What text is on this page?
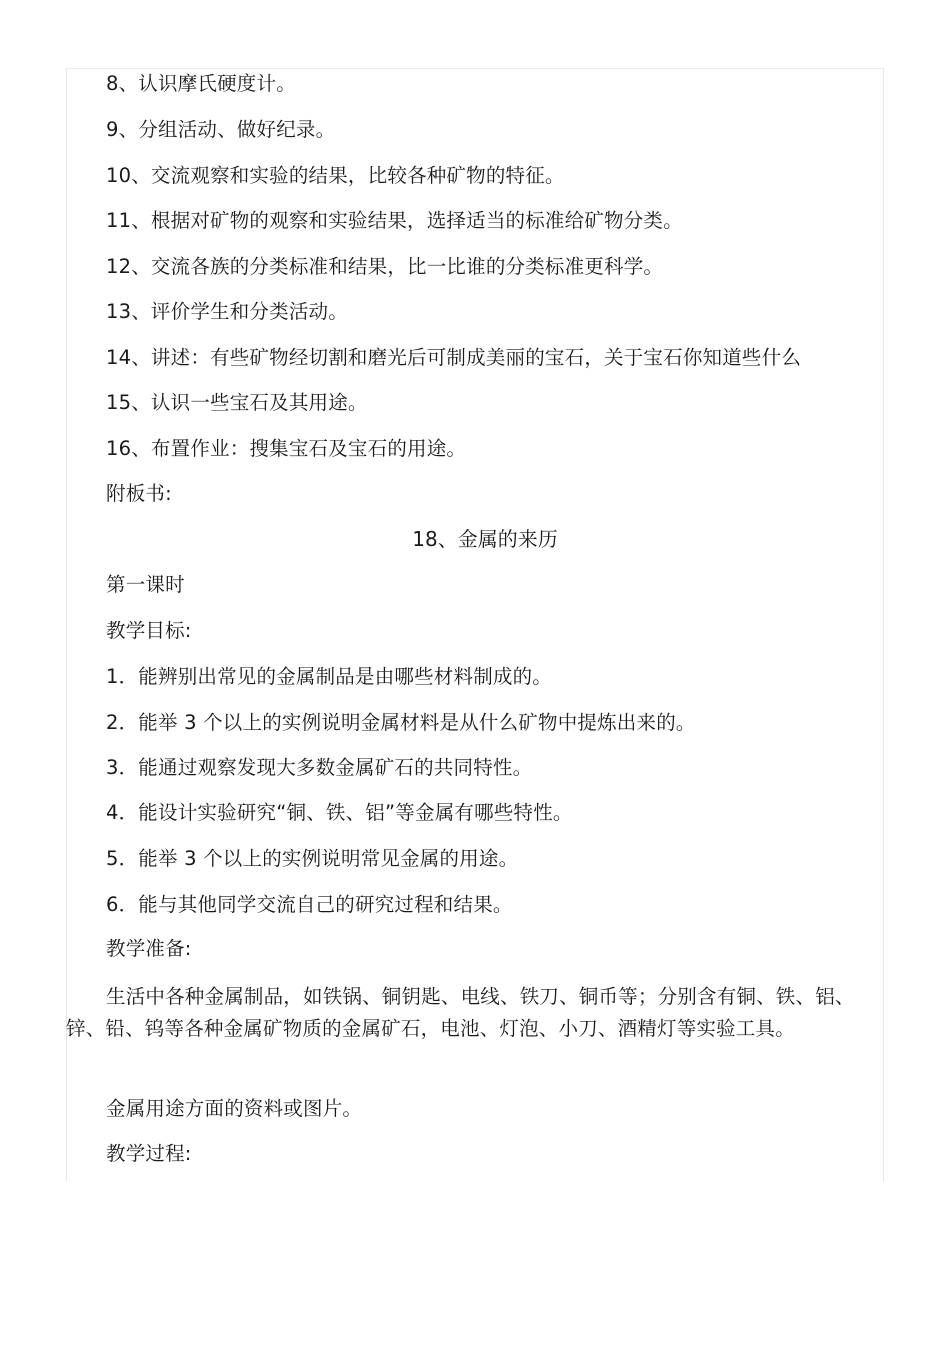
8、认识摩氏硬度计。
9、分组活动、做好纪录。
10、交流观察和实验的结果，比较各种矿物的特征。
11、根据对矿物的观察和实验结果，选择适当的标准给矿物分类。
12、交流各族的分类标准和结果，比一比谁的分类标准更科学。
13、评价学生和分类活动。
14、讲述：有些矿物经切割和磨光后可制成美丽的宝石，关于宝石你知道些什么
15、认识一些宝石及其用途。
16、布置作业：搜集宝石及宝石的用途。
附板书:
18、金属的来历
第一课时
教学目标:
1．能辨别出常见的金属制品是由哪些材料制成的。
2．能举 3 个以上的实例说明金属材料是从什么矿物中提炼出来的。
3．能通过观察发现大多数金属矿石的共同特性。
4．能设计实验研究“铜、铁、铝”等金属有哪些特性。
5．能举 3 个以上的实例说明常见金属的用途。
6．能与其他同学交流自己的研究过程和结果。
教学准备:
生活中各种金属制品，如铁锅、铜钥匙、电线、铁刀、铜币等；分别含有铜、铁、铝、锌、铅、钨等各种金属矿物质的金属矿石，电池、灯泡、小刀、酒精灯等实验工具。
金属用途方面的资料或图片。
教学过程:
